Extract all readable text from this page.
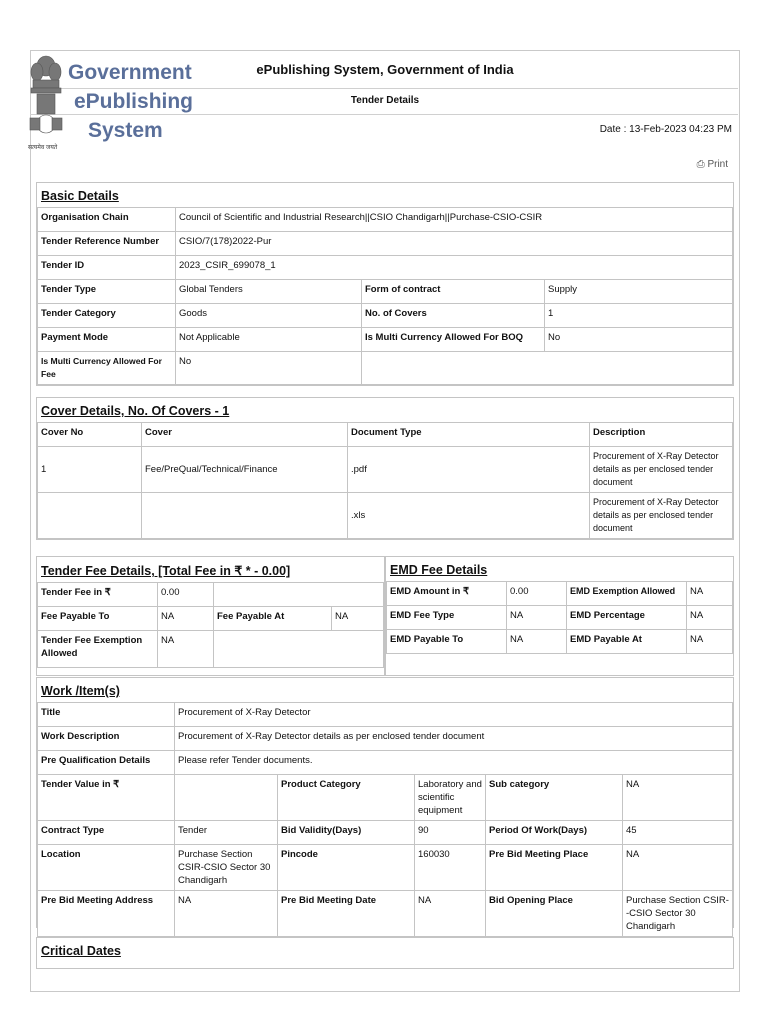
Government
ePublishing
System
सत्यमेव जयते
ePublishing System, Government of India
Tender Details
Date : 13-Feb-2023 04:23 PM
⎙ Print
Basic Details
Organisation Chain	Council of Scientific and Industrial Research||CSIO Chandigarh||Purchase-CSIO-CSIR		
Tender Reference Number	CSIO/7(178)2022-Pur		
Tender ID	2023_CSIR_699078_1		
Tender Type	Global Tenders	Form of contract	Supply
Tender Category	Goods	No. of Covers	1
Payment Mode	Not Applicable	Is Multi Currency Allowed For BOQ	No
Is Multi Currency Allowed For Fee	No		
Cover Details, No. Of Covers - 1
Cover No	Cover	Document Type	Description
1	Fee/PreQual/Technical/Finance	.pdf	Procurement of X-Ray Detector details as per enclosed tender document
		.xls	Procurement of X-Ray Detector details as per enclosed tender document
Tender Fee Details, [Total Fee in ₹ * - 0.00]
Tender Fee in ₹	0.00		
Fee Payable To	NA	Fee Payable At	NA
Tender Fee Exemption Allowed	NA		
EMD Fee Details
EMD Amount in ₹	0.00	EMD Exemption Allowed	NA
EMD Fee Type	NA	EMD Percentage	NA
EMD Payable To	NA	EMD Payable At	NA
Work /Item(s)
Title	Procurement of X-Ray Detector				
Work Description	Procurement of X-Ray Detector details as per enclosed tender document				
Pre Qualification Details	Please refer Tender documents.				
Tender Value in ₹		Product Category	Laboratory and scientific equipment	Sub category	NA
Contract Type	Tender	Bid Validity(Days)	90	Period Of Work(Days)	45
Location	Purchase Section CSIR-CSIO Sector 30 Chandigarh	Pincode	160030	Pre Bid Meeting Place	NA
Pre Bid Meeting Address	NA	Pre Bid Meeting Date	NA	Bid Opening Place	Purchase Section CSIR--CSIO Sector 30 Chandigarh
Critical Dates
